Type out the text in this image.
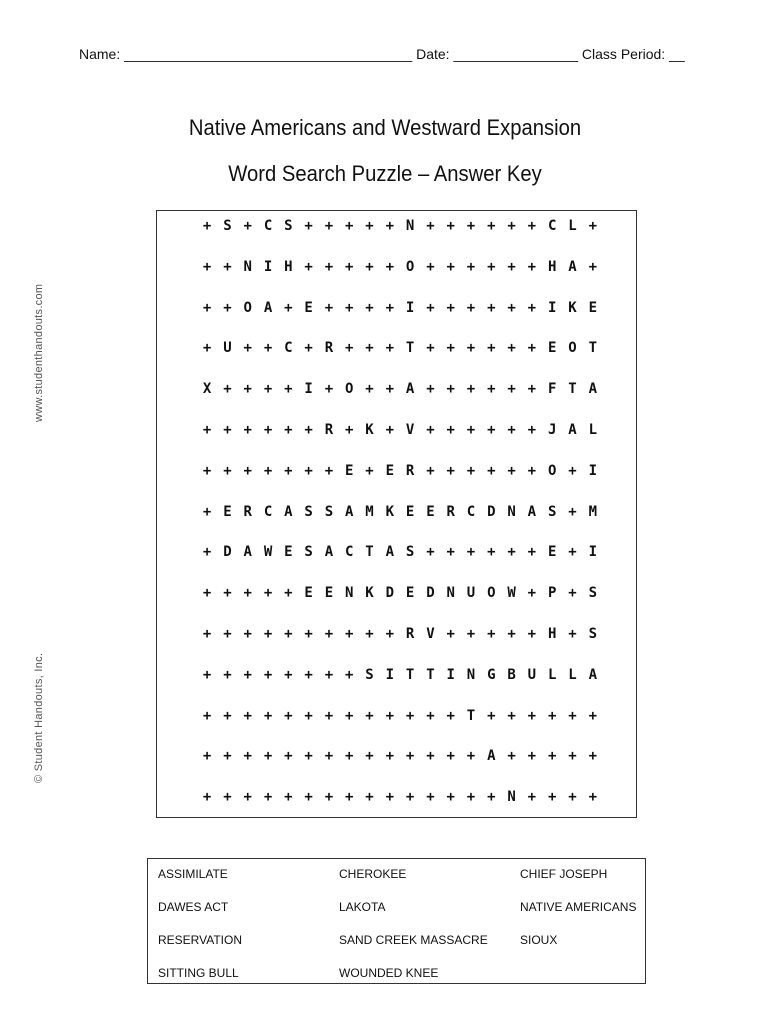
Name: _____________________________________ Date: ________________ Class Period: __
Native Americans and Westward Expansion
Word Search Puzzle – Answer Key
www.studenthandouts.com
© Student Handouts, Inc.
+ S + C S + + + + + N + + + + + + C L +
+ + N I H + + + + + O + + + + + + H A +
+ + O A + E + + + + I + + + + + + I K E
+ U + + C + R + + + T + + + + + + E O T
X + + + + I + O + + A + + + + + + F T A
+ + + + + + R + K + V + + + + + + J A L
+ + + + + + + E + E R + + + + + + O + I
+ E R C A S S A M K E E R C D N A S + M
+ D A W E S A C T A S + + + + + + E + I
+ + + + + E E N K D E D N U O W + P + S
+ + + + + + + + + + R V + + + + + H + S
+ + + + + + + + S I T T I N G B U L L A
+ + + + + + + + + + + + + T + + + + + +
+ + + + + + + + + + + + + + A + + + + +
+ + + + + + + + + + + + + + + N + + + +
ASSIMILATE	CHEROKEE	CHIEF JOSEPH
DAWES ACT	LAKOTA	NATIVE AMERICANS
RESERVATION	SAND CREEK MASSACRE	SIOUX
SITTING BULL	WOUNDED KNEE
